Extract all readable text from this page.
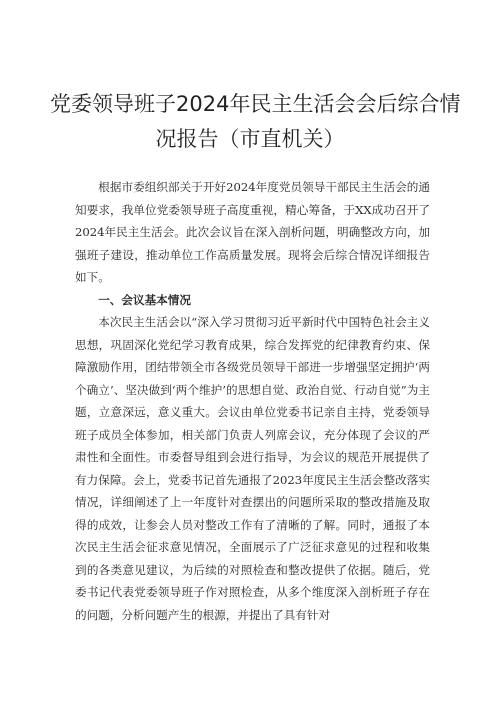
党委领导班子2024年民主生活会会后综合情
况报告（市直机关）

根据市委组织部关于开好2024年度党员领导干部民主生活会的通知要求，我单位党委领导班子高度重视，精心筹备，于XX成功召开了2024年民主生活会。此次会议旨在深入剖析问题，明确整改方向，加强班子建设，推动单位工作高质量发展。现将会后综合情况详细报告如下。

一、会议基本情况

本次民主生活会以“深入学习贯彻习近平新时代中国特色社会主义思想，巩固深化党纪学习教育成果，综合发挥党的纪律教育约束、保障激励作用，团结带领全市各级党员领导干部进一步增强坚定拥护‘两个确立’、坚决做到‘两个维护’的思想自觉、政治自觉、行动自觉”为主题，立意深远，意义重大。会议由单位党委书记亲自主持，党委领导班子成员全体参加，相关部门负责人列席会议，充分体现了会议的严肃性和全面性。市委督导组到会进行指导，为会议的规范开展提供了有力保障。会上，党委书记首先通报了2023年度民主生活会整改落实情况，详细阐述了上一年度针对查摆出的问题所采取的整改措施及取得的成效，让参会人员对整改工作有了清晰的了解。同时，通报了本次民主生活会征求意见情况，全面展示了广泛征求意见的过程和收集到的各类意见建议，为后续的对照检查和整改提供了依据。随后，党委书记代表党委领导班子作对照检查，从多个维度深入剖析班子存在的问题，分析问题产生的根源，并提出了具有针对
